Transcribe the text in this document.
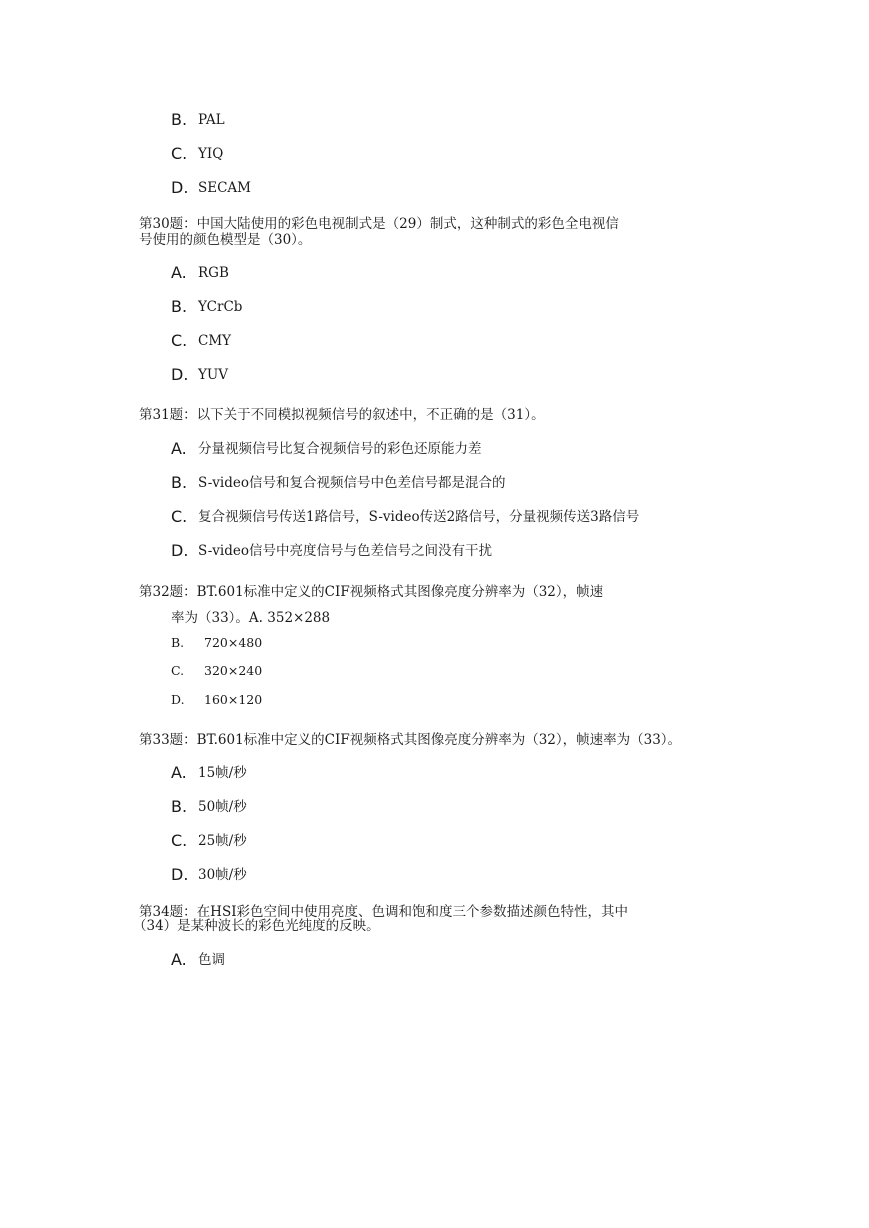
B. PAL
C. YIQ
D. SECAM
第30题：中国大陆使用的彩色电视制式是（29）制式，这种制式的彩色全电视信
号使用的颜色模型是（30）。
A. RGB
B. YCrCb
C. CMY
D. YUV
第31题：以下关于不同模拟视频信号的叙述中，不正确的是（31）。
A. 分量视频信号比复合视频信号的彩色还原能力差
B. S-video信号和复合视频信号中色差信号都是混合的
C. 复合视频信号传送1路信号，S-video传送2路信号，分量视频传送3路信号
D. S-video信号中亮度信号与色差信号之间没有干扰
第32题：BT.601标准中定义的CIF视频格式其图像亮度分辨率为（32），帧速
率为（33）。A. 352×288
B. 720×480
C. 320×240
D. 160×120
第33题：BT.601标准中定义的CIF视频格式其图像亮度分辨率为（32），帧速率为（33）。
A. 15帧/秒
B. 50帧/秒
C. 25帧/秒
D. 30帧/秒
第34题：在HSI彩色空间中使用亮度、色调和饱和度三个参数描述颜色特性，其中
（34）是某种波长的彩色光纯度的反映。
A. 色调
